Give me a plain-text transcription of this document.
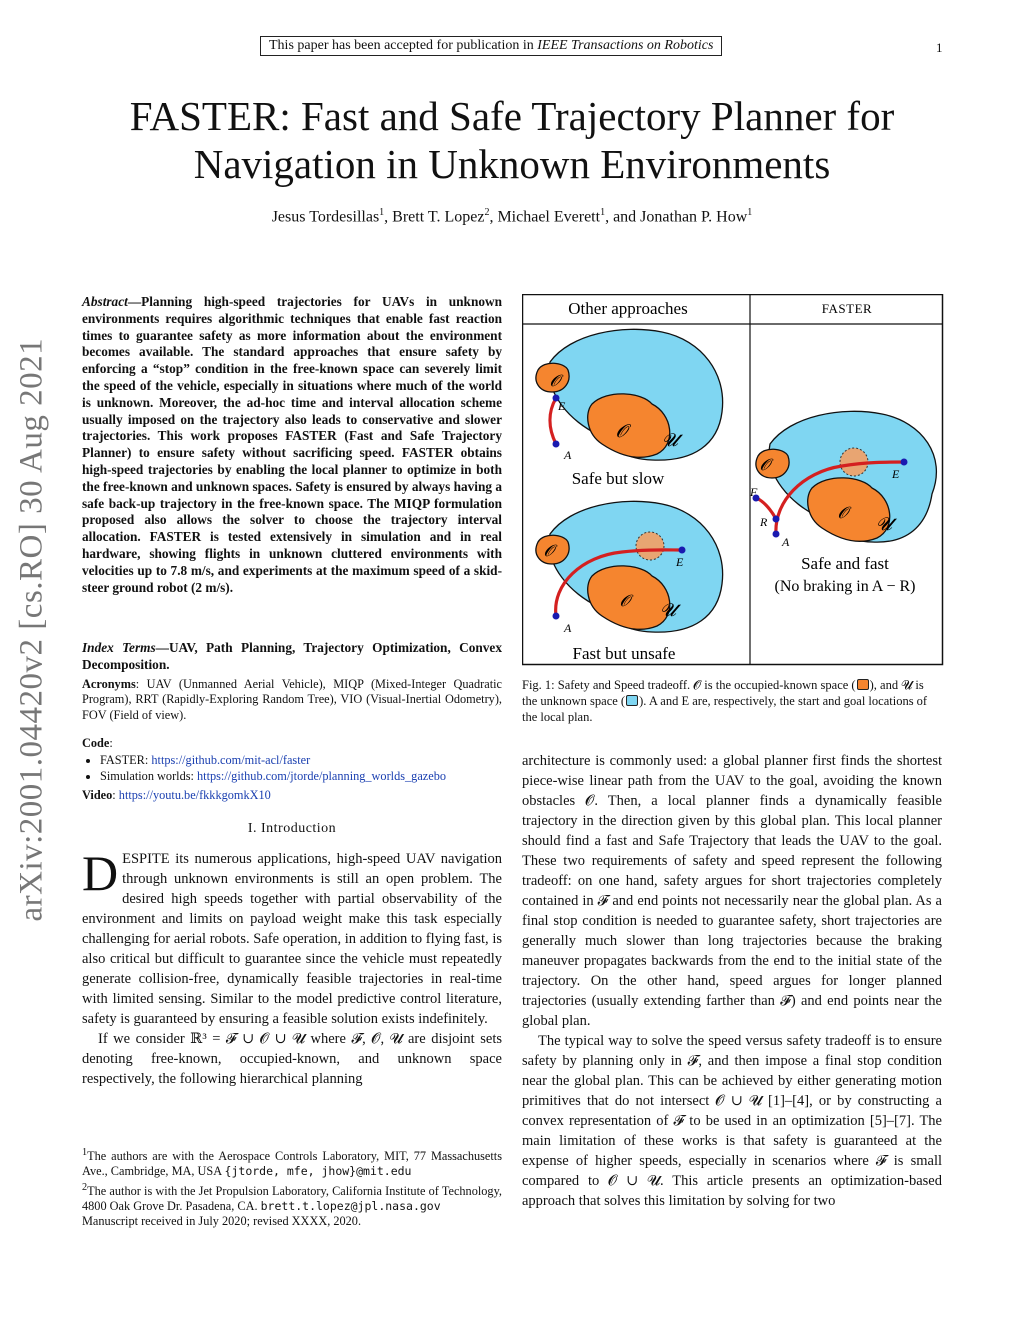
This paper has been accepted for publication in IEEE Transactions on Robotics	1
FASTER: Fast and Safe Trajectory Planner for
Navigation in Unknown Environments
Jesus Tordesillas$^1$, Brett T. Lopez$^2$, Michael Everett$^1$, and Jonathan P. How$^1$
arXiv:2001.04420v2 [cs.RO] 30 Aug 2021
Abstract—Planning high-speed trajectories for UAVs in unknown environments requires algorithmic techniques that enable fast reaction times to guarantee safety as more information about the environment becomes available. The standard approaches that ensure safety by enforcing a “stop” condition in the free-known space can severely limit the speed of the vehicle, especially in situations where much of the world is unknown. Moreover, the ad-hoc time and interval allocation scheme usually imposed on the trajectory also leads to conservative and slower trajectories. This work proposes FASTER (Fast and Safe Trajectory Planner) to ensure safety without sacrificing speed. FASTER obtains high-speed trajectories by enabling the local planner to optimize in both the free-known and unknown spaces. Safety is ensured by always having a safe back-up trajectory in the free-known space. The MIQP formulation proposed also allows the solver to choose the trajectory interval allocation. FASTER is tested extensively in simulation and in real hardware, showing flights in unknown cluttered environments with velocities up to 7.8 m/s, and experiments at the maximum speed of a skid-steer ground robot (2 m/s).
Index Terms—UAV, Path Planning, Trajectory Optimization, Convex Decomposition.
Acronyms: UAV (Unmanned Aerial Vehicle), MIQP (Mixed-Integer Quadratic Program), RRT (Rapidly-Exploring Random Tree), VIO (Visual-Inertial Odometry), FOV (Field of view).
Code:
• FASTER: https://github.com/mit-acl/faster
• Simulation worlds: https://github.com/jtorde/planning_worlds_gazebo
Video: https://youtu.be/fkkkgomkX10
I. Introduction

DESPITE its numerous applications, high-speed UAV navigation through unknown environments is still an open problem. The desired high speeds together with partial observability of the environment and limits on payload weight make this task especially challenging for aerial robots. Safe operation, in addition to flying fast, is also critical but difficult to guarantee since the vehicle must repeatedly generate collision-free, dynamically feasible trajectories in real-time with limited sensing. Similar to the model predictive control literature, safety is guaranteed by ensuring a feasible solution exists indefinitely.

If we consider ℝ³ = 𝓕 ∪ 𝓞 ∪ 𝓤 where 𝓕, 𝓞, 𝓤 are disjoint sets denoting free-known, occupied-known, and unknown space respectively, the following hierarchical planning

$^1$The authors are with the Aerospace Controls Laboratory, MIT, 77 Massachusetts Ave., Cambridge, MA, USA {jtorde, mfe, jhow}@mit.edu

$^2$The author is with the Jet Propulsion Laboratory, California Institute of Technology, 4800 Oak Grove Dr. Pasadena, CA. brett.t.lopez@jpl.nasa.gov

Manuscript received in July 2020; revised XXXX, 2020.

Other approaches	FASTER
𝓞
𝓞 𝓤
E
A
Safe but slow
𝓞
𝓞 𝓤
E
A
Fast but unsafe
𝓞
𝓞
𝓤
E
F
R
A
Safe and fast
(No braking in A − R)
Fig. 1: Safety and Speed tradeoff. 𝓞 is the occupied-known space ( ), and 𝓤 is the unknown space ( ). A and E are, respectively, the start and goal locations of the local plan.

architecture is commonly used: a global planner first finds the shortest piece-wise linear path from the UAV to the goal, avoiding the known obstacles 𝓞. Then, a local planner finds a dynamically feasible trajectory in the direction given by this global plan. This local planner should find a fast and Safe Trajectory that leads the UAV to the goal. These two requirements of safety and speed represent the following tradeoff: on one hand, safety argues for short trajectories completely contained in 𝓕 and end points not necessarily near the global plan. As a final stop condition is needed to guarantee safety, short trajectories are generally much slower than long trajectories because the braking maneuver propagates backwards from the end to the initial state of the trajectory. On the other hand, speed argues for longer planned trajectories (usually extending farther than 𝓕) and end points near the global plan.

The typical way to solve the speed versus safety tradeoff is to ensure safety by planning only in 𝓕, and then impose a final stop condition near the global plan. This can be achieved by either generating motion primitives that do not intersect 𝓞 ∪ 𝓤 [1]–[4], or by constructing a convex representation of 𝓕 to be used in an optimization [5]–[7]. The main limitation of these works is that safety is guaranteed at the expense of higher speeds, especially in scenarios where 𝓕 is small compared to 𝓞 ∪ 𝓤. This article presents an optimization-based approach that solves this limitation by solving for two
